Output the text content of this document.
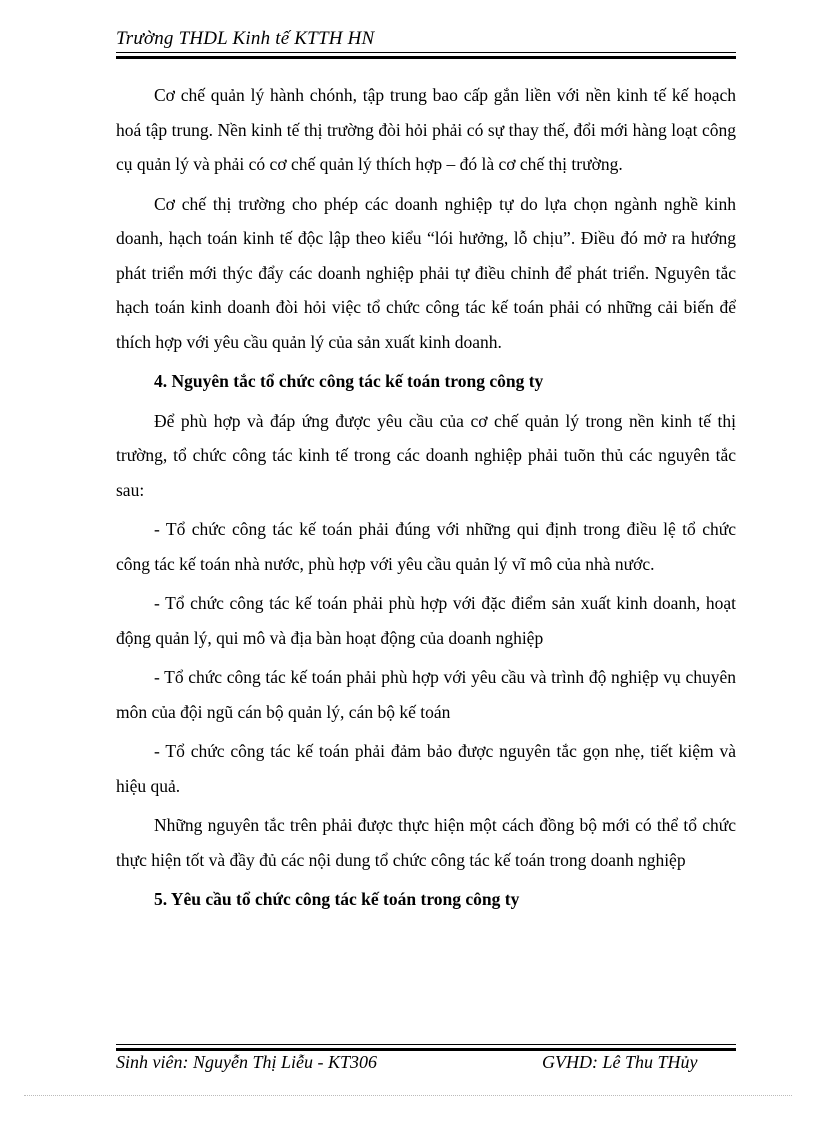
Trường THDL Kinh tế KTTH HN

Cơ chế quản lý hành chónh, tập trung bao cấp gắn liền với nền kinh tế kế hoạch hoá tập trung. Nền kinh tế thị trường đòi hỏi phải có sự thay thế, đổi mới hàng loạt công cụ quản lý và phải có cơ chế quản lý thích hợp – đó là cơ chế thị trường.

Cơ chế thị trường cho phép các doanh nghiệp tự do lựa chọn ngành nghề kinh doanh, hạch toán kinh tế độc lập theo kiểu “lói hưởng, lỗ chịu”. Điều đó mở ra hướng phát triển mới thýc đẩy các doanh nghiệp phải tự điều chỉnh để phát triển. Nguyên tắc hạch toán kinh doanh đòi hỏi việc tổ chức công tác kế toán phải có những cải biến để thích hợp với yêu cầu quản lý của sản xuất kinh doanh.

4. Nguyên tắc tổ chức công tác kế toán trong công ty

Để phù hợp và đáp ứng được yêu cầu của cơ chế quản lý trong nền kinh tế thị trường, tổ chức công tác kinh tế trong các doanh nghiệp phải tuõn thủ các nguyên tắc sau:

- Tổ chức công tác kế toán phải đúng với những qui định trong điều lệ tổ chức công tác kế toán nhà nước, phù hợp với yêu cầu quản lý vĩ mô của nhà nước.

- Tổ chức công tác kế toán phải phù hợp với đặc điểm sản xuất kinh doanh, hoạt động quản lý, qui mô và địa bàn hoạt động của doanh nghiệp

- Tổ chức công tác kế toán phải phù hợp với yêu cầu và trình độ nghiệp vụ chuyên môn của đội ngũ cán bộ quản lý, cán bộ kế toán

- Tổ chức công tác kế toán phải đảm bảo được nguyên tắc gọn nhẹ, tiết kiệm và hiệu quả.

Những nguyên tắc trên phải được thực hiện một cách đồng bộ mới có thể tổ chức thực hiện tốt và đầy đủ các nội dung tổ chức công tác kế toán trong doanh nghiệp

5. Yêu cầu tổ chức công tác kế toán trong công ty

Sinh viên: Nguyễn Thị Liễu - KT306	GVHD: Lê Thu THủy
